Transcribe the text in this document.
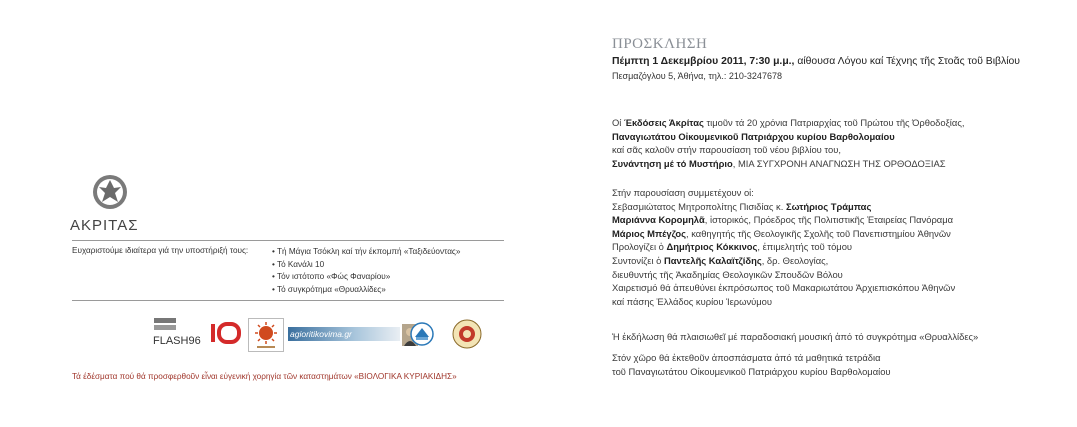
ΑΚΡΙΤΑΣ
Ευχαριστούμε ιδιαίτερα γιά την υποστήριξή τους:	• Τή Μάγια Τσόκλη καί τήν έκπομπή «Ταξιδεύοντας»
• Τό Κανάλι 10
• Τόν ιστότοπο «Φώς Φαναρίου»
• Τό συγκρότημα «Θρυαλλίδες»
FLASH96
agioritikovima.gr
Τά έδέσματα πού θά προσφερθοῦν εἶναι εὐγενική χορηγία τῶν καταστημάτων «ΒΙΟΛΟΓΙΚΑ ΚΥΡΙΑΚΙΔΗΣ»
ΠΡΟΣΚΛΗΣΗ
Πέμπτη 1 Δεκεμβρίου 2011, 7:30 μ.μ., αίθουσα Λόγου καί Τέχνης τῆς Στοᾶς τοῦ Βιβλίου
Πεσμαζόγλου 5, Άθήνα, τηλ.: 210-3247678
Οί Έκδόσεις Άκρίτας τιμοῦν τά 20 χρόνια Πατριαρχίας τοῦ Πρώτου τῆς Όρθοδοξίας,
Παναγιωτάτου Οἰκουμενικοῦ Πατριάρχου κυρίου Βαρθολομαίου
καί σᾶς καλοῦν στήν παρουσίαση τοῦ νέου βιβλίου του,
Συνάντηση μέ τό Μυστήριο, ΜΙΑ ΣΥΓΧΡΟΝΗ ΑΝΑΓΝΩΣΗ ΤΗΣ ΟΡΘΟΔΟΞΙΑΣ
Στήν παρουσίαση συμμετέχουν οἱ:
Σεβασμιώτατος Μητροπολίτης Πισιδίας κ. Σωτήριος Τράμπας
Μαριάννα Κορομηλᾶ, ἱστορικός, Πρόεδρος τῆς Πολιτιστικῆς Ἑταιρείας Πανόραμα
Μάριος Μπέγζος, καθηγητής τῆς Θεολογικῆς Σχολῆς τοῦ Πανεπιστημίου Ἀθηνῶν
Προλογίζει ὁ Δημήτριος Κόκκινος, ἐπιμελητής τοῦ τόμου
Συντονίζει ὁ Παντελῆς Καλαϊτζίδης, δρ. Θεολογίας,
διευθυντής τῆς Ἀκαδημίας Θεολογικῶν Σπουδῶν Βόλου
Χαιρετισμό θά ἀπευθύνει ἐκπρόσωπος τοῦ Μακαριωτάτου Ἀρχιεπισκόπου Ἀθηνῶν
καί πάσης Ἑλλάδος κυρίου Ἱερωνύμου
Ἡ ἐκδήλωση θά πλαισιωθεῖ μέ παραδοσιακή μουσική ἀπό τό συγκρότημα «Θρυαλλίδες»
Στόν χῶρο θά ἐκτεθοῦν ἀποσπάσματα ἀπό τά μαθητικά τετράδια
τοῦ Παναγιωτάτου Οἰκουμενικοῦ Πατριάρχου κυρίου Βαρθολομαίου
